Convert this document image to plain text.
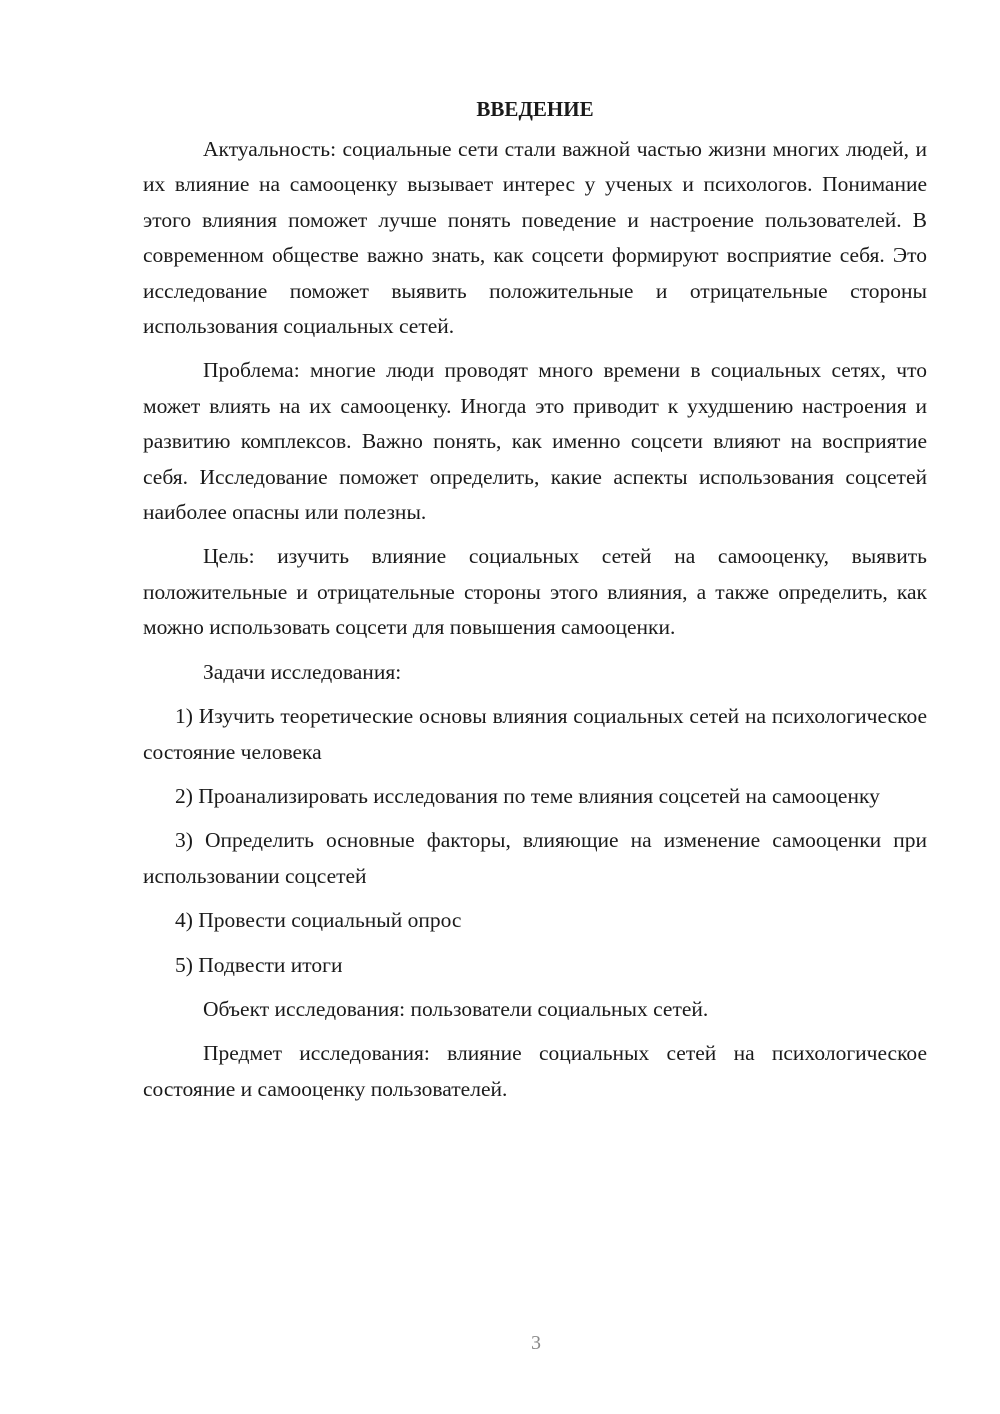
ВВЕДЕНИЕ

Актуальность: социальные сети стали важной частью жизни многих людей, и их влияние на самооценку вызывает интерес у ученых и психологов. Понимание этого влияния поможет лучше понять поведение и настроение пользователей. В современном обществе важно знать, как соцсети формируют восприятие себя. Это исследование поможет выявить положительные и отрицательные стороны использования социальных сетей.

Проблема: многие люди проводят много времени в социальных сетях, что может влиять на их самооценку. Иногда это приводит к ухудшению настроения и развитию комплексов. Важно понять, как именно соцсети влияют на восприятие себя. Исследование поможет определить, какие аспекты использования соцсетей наиболее опасны или полезны.

Цель: изучить влияние социальных сетей на самооценку, выявить положительные и отрицательные стороны этого влияния, а также определить, как можно использовать соцсети для повышения самооценки.

Задачи исследования:

1) Изучить теоретические основы влияния социальных сетей на психологическое состояние человека

2) Проанализировать исследования по теме влияния соцсетей на самооценку

3) Определить основные факторы, влияющие на изменение самооценки при использовании соцсетей

4) Провести социальный опрос

5) Подвести итоги

Объект исследования: пользователи социальных сетей.

Предмет исследования: влияние социальных сетей на психологическое состояние и самооценку пользователей.

3
